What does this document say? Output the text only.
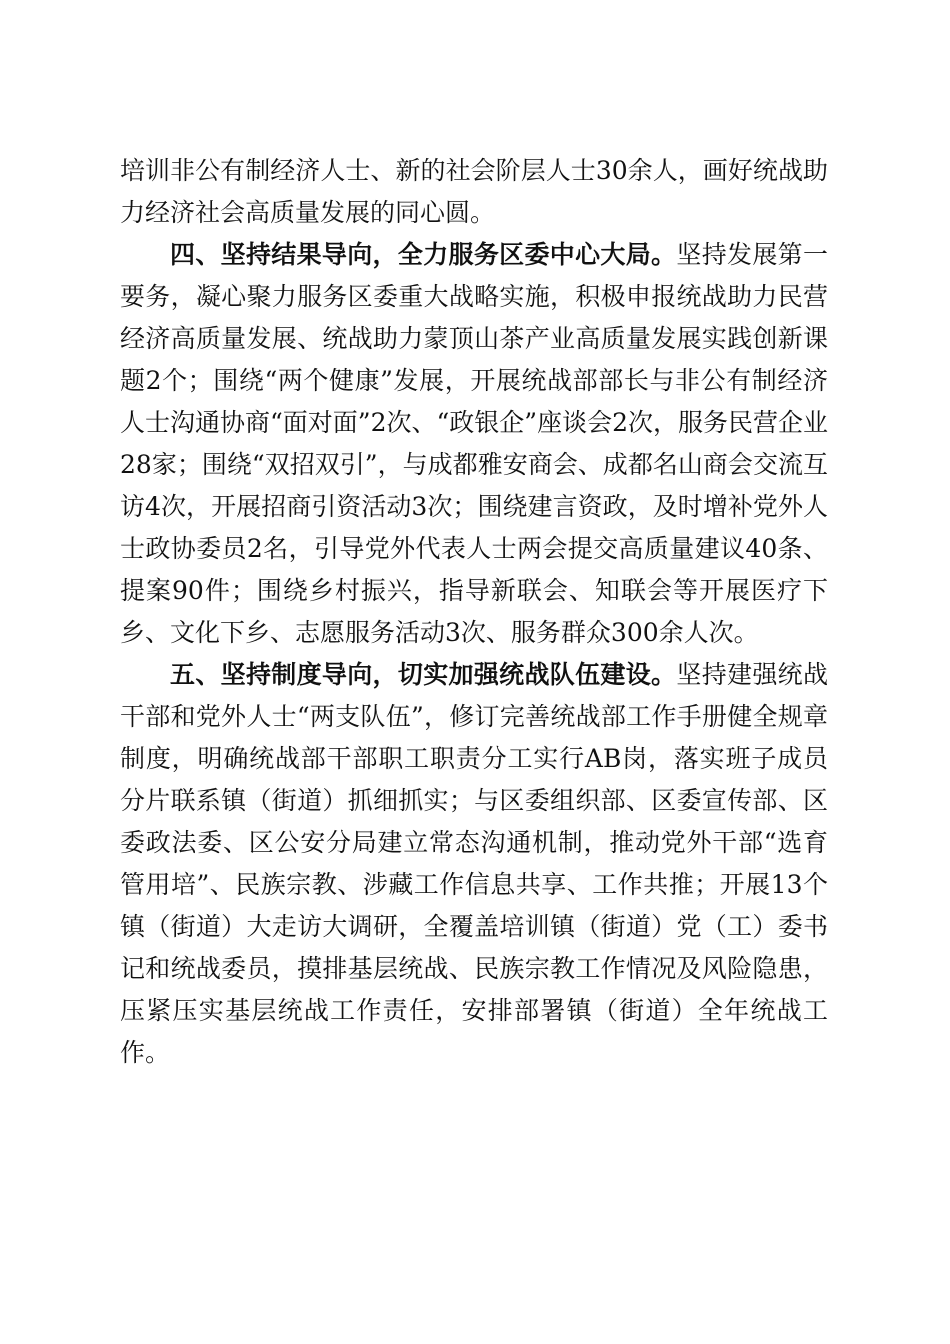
培训非公有制经济人士、新的社会阶层人士30余人，画好统战助力经济社会高质量发展的同心圆。

四、坚持结果导向，全力服务区委中心大局。坚持发展第一要务，凝心聚力服务区委重大战略实施，积极申报统战助力民营经济高质量发展、统战助力蒙顶山茶产业高质量发展实践创新课题2个；围绕“两个健康”发展，开展统战部部长与非公有制经济人士沟通协商“面对面”2次、“政银企”座谈会2次，服务民营企业28家；围绕“双招双引”，与成都雅安商会、成都名山商会交流互访4次，开展招商引资活动3次；围绕建言资政，及时增补党外人士政协委员2名，引导党外代表人士两会提交高质量建议40条、提案90件；围绕乡村振兴，指导新联会、知联会等开展医疗下乡、文化下乡、志愿服务活动3次、服务群众300余人次。

五、坚持制度导向，切实加强统战队伍建设。坚持建强统战干部和党外人士“两支队伍”，修订完善统战部工作手册健全规章制度，明确统战部干部职工职责分工实行AB岗，落实班子成员分片联系镇（街道）抓细抓实；与区委组织部、区委宣传部、区委政法委、区公安分局建立常态沟通机制，推动党外干部“选育管用培”、民族宗教、涉藏工作信息共享、工作共推；开展13个镇（街道）大走访大调研，全覆盖培训镇（街道）党（工）委书记和统战委员，摸排基层统战、民族宗教工作情况及风险隐患，压紧压实基层统战工作责任，安排部署镇（街道）全年统战工作。
